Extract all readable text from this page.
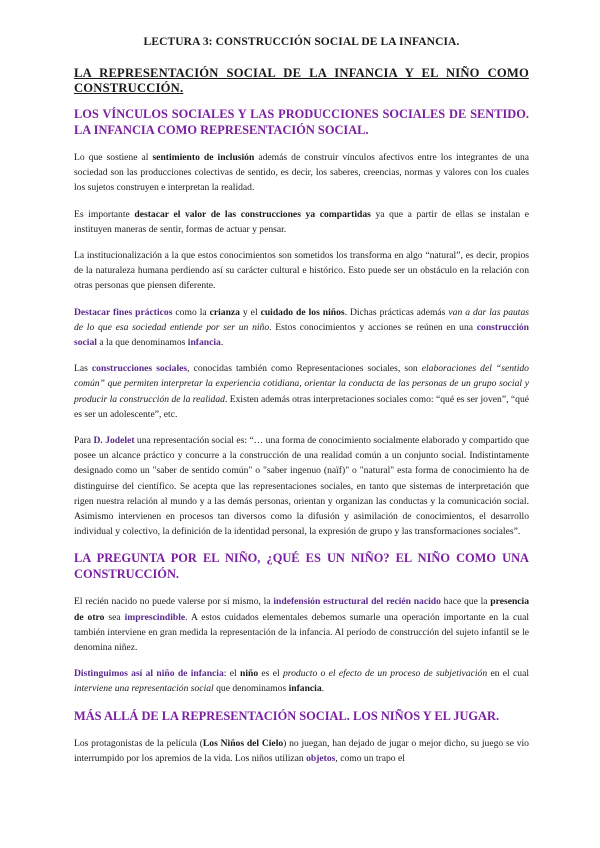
LECTURA 3: CONSTRUCCIÓN SOCIAL DE LA INFANCIA.
LA REPRESENTACIÓN SOCIAL DE LA INFANCIA Y EL NIÑO COMO CONSTRUCCIÓN.
LOS VÍNCULOS SOCIALES Y LAS PRODUCCIONES SOCIALES DE SENTIDO. LA INFANCIA COMO REPRESENTACIÓN SOCIAL.

Lo que sostiene al sentimiento de inclusión además de construir vínculos afectivos entre los integrantes de una sociedad son las producciones colectivas de sentido, es decir, los saberes, creencias, normas y valores con los cuales los sujetos construyen e interpretan la realidad.

Es importante destacar el valor de las construcciones ya compartidas ya que a partir de ellas se instalan e instituyen maneras de sentir, formas de actuar y pensar.

La institucionalización a la que estos conocimientos son sometidos los transforma en algo “natural”, es decir, propios de la naturaleza humana perdiendo así su carácter cultural e histórico. Esto puede ser un obstáculo en la relación con otras personas que piensen diferente.

Destacar fines prácticos como la crianza y el cuidado de los niños. Dichas prácticas además van a dar las pautas de lo que esa sociedad entiende por ser un niño. Estos conocimientos y acciones se reúnen en una construcción social a la que denominamos infancia.

Las construcciones sociales, conocidas también como Representaciones sociales, son elaboraciones del “sentido común” que permiten interpretar la experiencia cotidiana, orientar la conducta de las personas de un grupo social y producir la construcción de la realidad. Existen además otras interpretaciones sociales como: “qué es ser joven”, “qué es ser un adolescente”, etc.

Para D. Jodelet una representación social es: “… una forma de conocimiento socialmente elaborado y compartido que posee un alcance práctico y concurre a la construcción de una realidad común a un conjunto social. Indistintamente designado como un "saber de sentido común" o "saber ingenuo (naïf)" o "natural" esta forma de conocimiento ha de distinguirse del científico. Se acepta que las representaciones sociales, en tanto que sistemas de interpretación que rigen nuestra relación al mundo y a las demás personas, orientan y organizan las conductas y la comunicación social. Asimismo intervienen en procesos tan diversos como la difusión y asimilación de conocimientos, el desarrollo individual y colectivo, la definición de la identidad personal, la expresión de grupo y las transformaciones sociales”.

LA PREGUNTA POR EL NIÑO, ¿QUÉ ES UN NIÑO? EL NIÑO COMO UNA CONSTRUCCIÓN.

El recién nacido no puede valerse por sí mismo, la indefensión estructural del recién nacido hace que la presencia de otro sea imprescindible. A estos cuidados elementales debemos sumarle una operación importante en la cual también interviene en gran medida la representación de la infancia. Al período de construcción del sujeto infantil se le denomina niñez.

Distinguimos así al niño de infancia: el niño es el producto o el efecto de un proceso de subjetivación en el cual interviene una representación social que denominamos infancia.

MÁS ALLÁ DE LA REPRESENTACIÓN SOCIAL. LOS NIÑOS Y EL JUGAR.

Los protagonistas de la película (Los Niños del Cielo) no juegan, han dejado de jugar o mejor dicho, su juego se vio interrumpido por los apremios de la vida. Los niños utilizan objetos, como un trapo el
